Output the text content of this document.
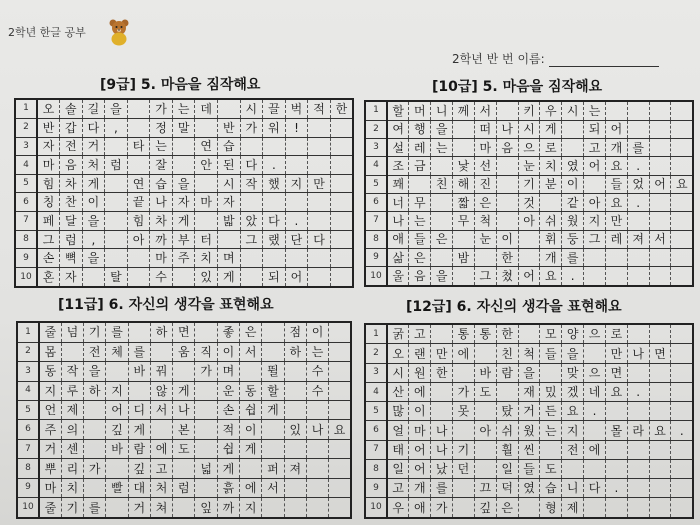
2학년 한글 공부
2학년 반 번 이름:
[9급] 5. 마음을 짐작해요
1	오	솔	길	을		가	는	데		시	끌	벅	적	한
2	반	갑	다	,		정	말		반	가	워	!		
3	자	전	거		타	는		연	습					
4	마	음	처	럼		잘		안	된	다	.			
5	힘	차	게		연	습	을		시	작	했	지	만	
6	칭	찬	이		끝	나	자	마	자					
7	페	달	을		힘	차	게		밟	았	다	.		
8	그	럼	,		아	까	부	터		그	랬	단	다	
9	손	뼉	을			마	주	치	며					
10	혼	자		탈		수		있	게		되	어		
[10급] 5. 마음을 짐작해요
1	할	머	니	께	서		키	우	시	는				
2	여	행	을		떠	나	시	게		되	어			
3	설	레	는		마	음	으	로		고	개	를		
4	조	금		낯	선		눈	치	였	어	요	.		
5	꽤		친	해	진		기	분	이		들	었	어	요
6	너	무		짧	은		것		같	아	요	.		
7	나	는		무	척		아	쉬	웠	지	만			
8	애	들	은		눈	이		휘	둥	그	레	져	서	
9	삶	은		밤		한		개	를					
10	울	음	을		그	쳤	어	요	.					
[11급] 6. 자신의 생각을 표현해요
1	줄	넘	기	를		하	면		좋	은		점	이	
2	몸		전	체	를		움	직	이	서		하	는	
3	동	작	을		바	꿔		가	며		뛸		수	
4	지	루	하	지		않	게		운	동	할		수	
5	언	제		어	디	서	나		손	쉽	게			
6	주	의		깊	게		본		적	이		있	나	요
7	거	센		바	람	에	도		쉽	게				
8	뿌	리	가		깊	고		넓	게		퍼	져		
9	마	치		빨	대	처	럼		흙	에	서			
10	줄	기	를		거	쳐		잎	까	지				
[12급] 6. 자신의 생각을 표현해요
1	굵	고		통	통	한		모	양	으	로			
2	오	랜	만	에		친	척	들	을		만	나	면	
3	시	원	한		바	람	을		맞	으	면			
4	산	에		가	도		재	밌	겠	네	요	.		
5	많	이		못		탔	거	든	요	.				
6	얼	마	나		아	쉬	웠	는	지		몰	라	요	.
7	태	어	나	기		훨	씬		전	에				
8	일	어	났	던		일	들	도						
9	고	개	를		끄	덕	였	습	니	다	.			
10	우	애	가		깊	은		형	제					
